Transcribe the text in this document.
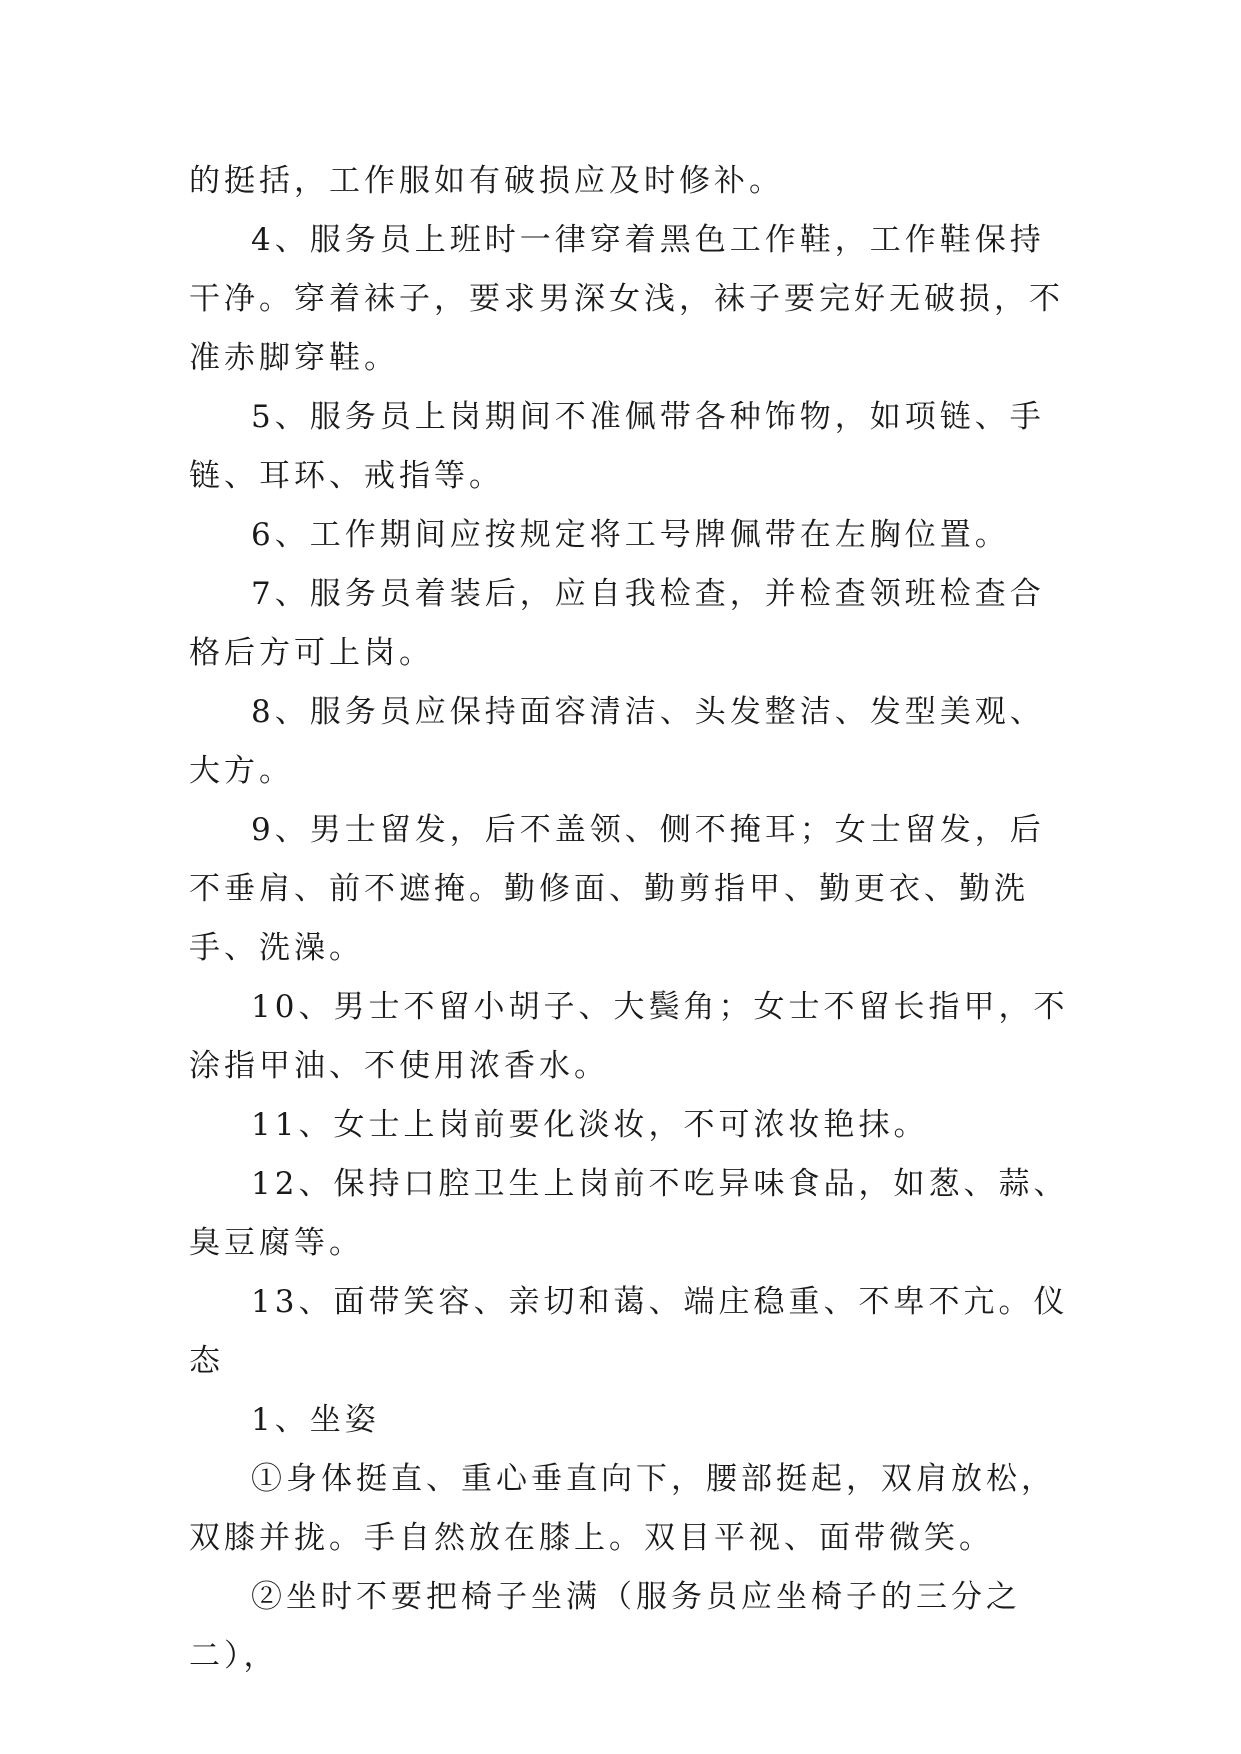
的挺括，工作服如有破损应及时修补。

4、服务员上班时一律穿着黑色工作鞋，工作鞋保持干净。穿着袜子，要求男深女浅，袜子要完好无破损，不准赤脚穿鞋。

5、服务员上岗期间不准佩带各种饰物，如项链、手链、耳环、戒指等。

6、工作期间应按规定将工号牌佩带在左胸位置。

7、服务员着装后，应自我检查，并检查领班检查合格后方可上岗。

8、服务员应保持面容清洁、头发整洁、发型美观、大方。

9、男士留发，后不盖领、侧不掩耳；女士留发，后不垂肩、前不遮掩。勤修面、勤剪指甲、勤更衣、勤洗手、洗澡。

10、男士不留小胡子、大鬓角；女士不留长指甲，不涂指甲油、不使用浓香水。

11、女士上岗前要化淡妆，不可浓妆艳抹。

12、保持口腔卫生上岗前不吃异味食品，如葱、蒜、臭豆腐等。

13、面带笑容、亲切和蔼、端庄稳重、不卑不亢。仪态

1、坐姿

①身体挺直、重心垂直向下，腰部挺起，双肩放松，双膝并拢。手自然放在膝上。双目平视、面带微笑。

②坐时不要把椅子坐满（服务员应坐椅子的三分之二），
